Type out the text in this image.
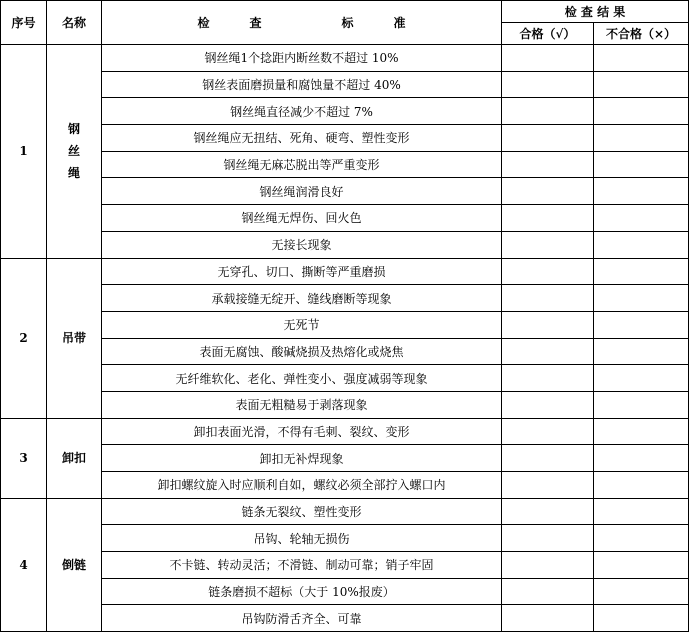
序号	名称	检 查 标 准	检 查 结 果	
			合格（√）	不合格（×）
1	钢
丝
绳	钢丝绳1个捻距内断丝数不超过 10%		
		钢丝表面磨损量和腐蚀量不超过 40%		
		钢丝绳直径减少不超过 7%		
		钢丝绳应无扭结、死角、硬弯、塑性变形		
		钢丝绳无麻芯脱出等严重变形		
		钢丝绳润滑良好		
		钢丝绳无焊伤、回火色		
		无接长现象		
2	吊带	无穿孔、切口、撕断等严重磨损		
		承载接缝无绽开、缝线磨断等现象		
		无死节		
		表面无腐蚀、酸碱烧损及热熔化或烧焦		
		无纤维软化、老化、弹性变小、强度减弱等现象		
		表面无粗糙易于剥落现象		
3	卸扣	卸扣表面光滑，不得有毛刺、裂纹、变形		
		卸扣无补焊现象		
		卸扣螺纹旋入时应顺利自如，螺纹必须全部拧入螺口内		
4	倒链	链条无裂纹、塑性变形		
		吊钩、轮轴无损伤		
		不卡链、转动灵活；不滑链、制动可靠；销子牢固		
		链条磨损不超标（大于 10%报废）		
		吊钩防滑舌齐全、可靠		
